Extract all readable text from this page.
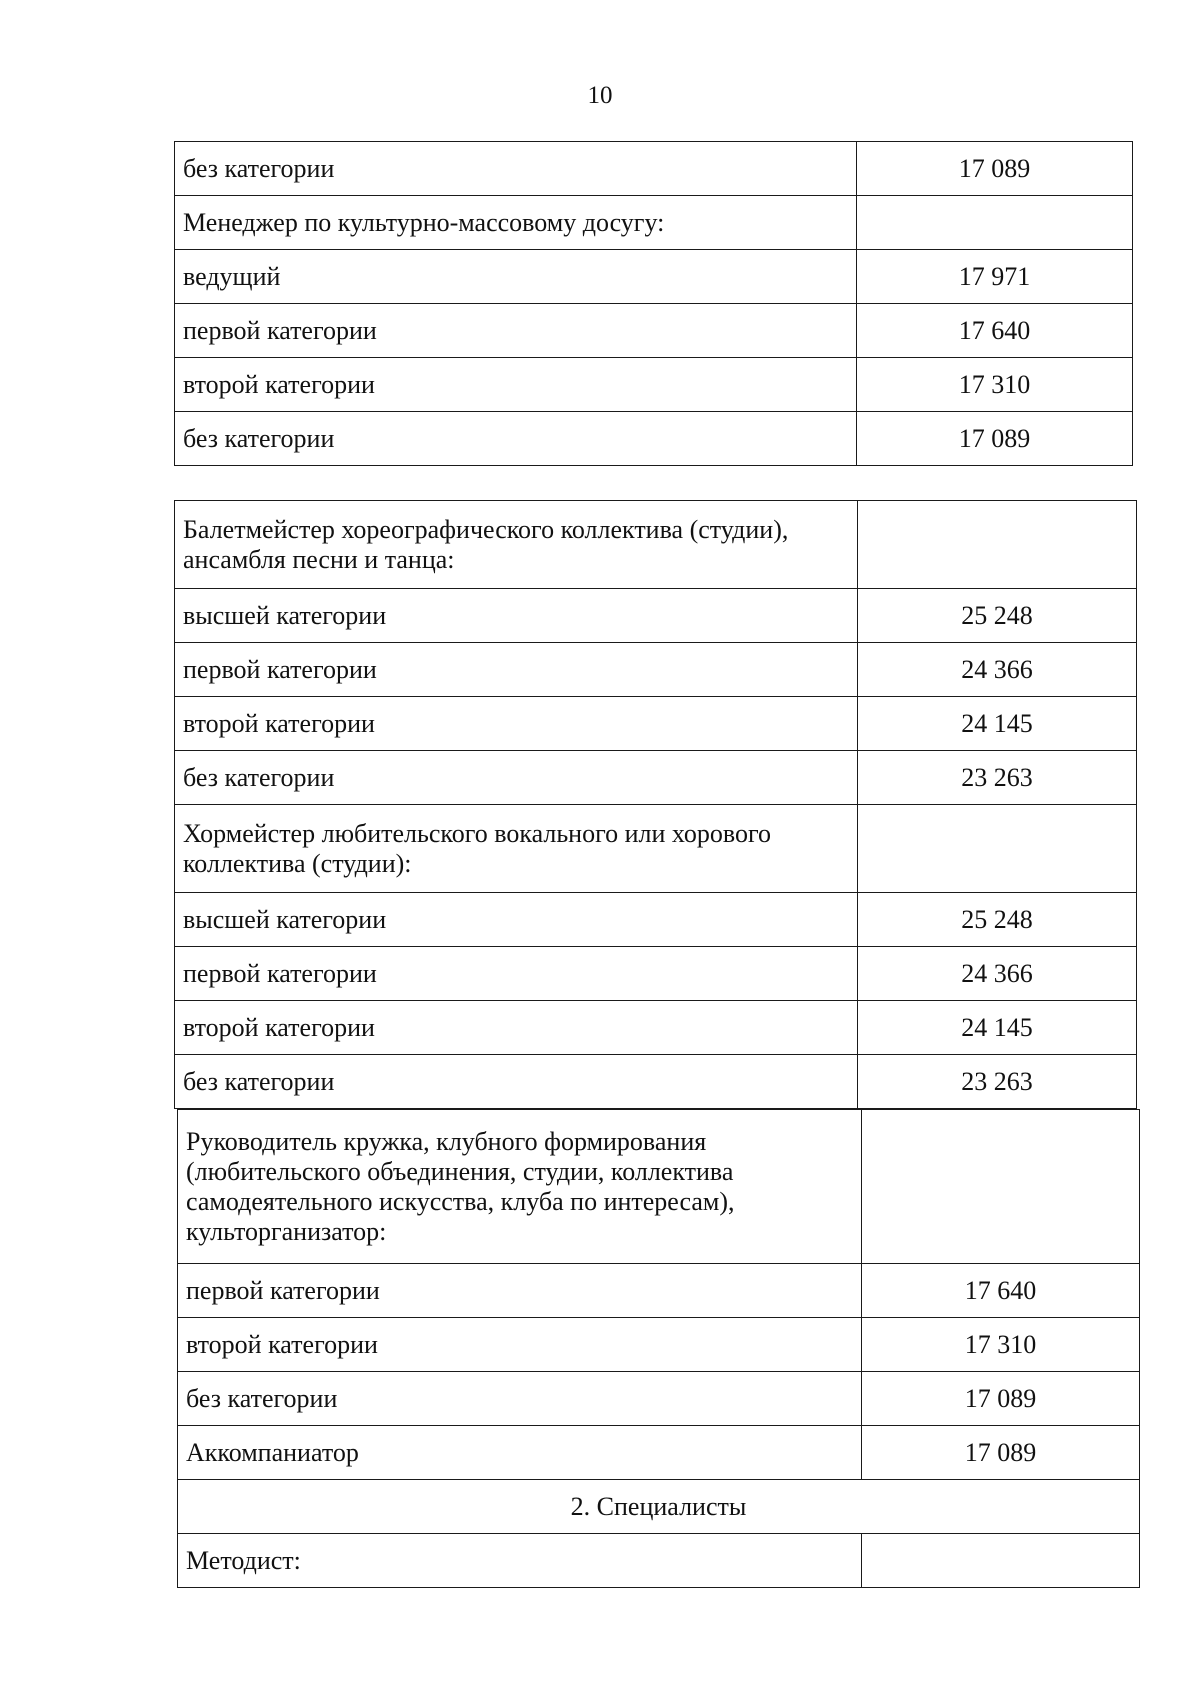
10
без категории	17 089
Менеджер по культурно-массовому досугу:	
ведущий	17 971
первой категории	17 640
второй категории	17 310
без категории	17 089
Балетмейстер хореографического коллектива (студии), ансамбля песни и танца:	
высшей категории	25 248
первой категории	24 366
второй категории	24 145
без категории	23 263
Хормейстер любительского вокального или хорового коллектива (студии):	
высшей категории	25 248
первой категории	24 366
второй категории	24 145
без категории	23 263
Руководитель кружка, клубного формирования (любительского объединения, студии, коллектива самодеятельного искусства, клуба по интересам), культорганизатор:	
первой категории	17 640
второй категории	17 310
без категории	17 089
Аккомпаниатор	17 089
2. Специалисты	
Методист:	
